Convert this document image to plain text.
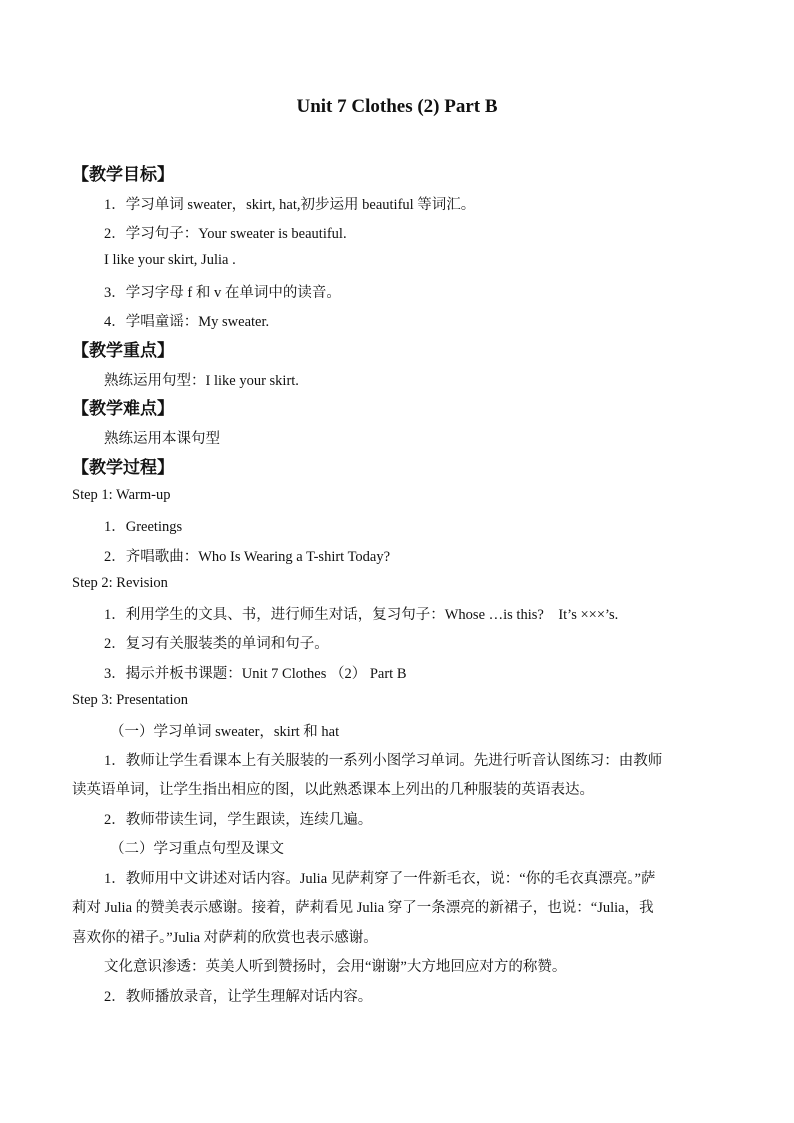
Unit 7 Clothes (2) Part B
【教学目标】
1．学习单词 sweater，skirt, hat,初步运用 beautiful 等词汇。
2．学习句子：Your sweater is beautiful.
I like your skirt, Julia .
3．学习字母 f 和 v 在单词中的读音。
4．学唱童谣：My sweater.
【教学重点】
熟练运用句型：I like your skirt.
【教学难点】
熟练运用本课句型
【教学过程】
Step 1: Warm-up
1．Greetings
2．齐唱歌曲：Who Is Wearing a T-shirt Today?
Step 2: Revision
1．利用学生的文具、书，进行师生对话，复习句子：Whose …is this?　It’s ×××’s.
2．复习有关服装类的单词和句子。
3．揭示并板书课题：Unit 7 Clothes （2） Part B
Step 3: Presentation
（一）学习单词 sweater，skirt 和 hat
1．教师让学生看课本上有关服装的一系列小图学习单词。先进行听音认图练习：由教师
读英语单词，让学生指出相应的图，以此熟悉课本上列出的几种服装的英语表达。
2．教师带读生词，学生跟读，连续几遍。
（二）学习重点句型及课文
1．教师用中文讲述对话内容。Julia 见萨莉穿了一件新毛衣，说：“你的毛衣真漂亮。”萨
莉对 Julia 的赞美表示感谢。接着，萨莉看见 Julia 穿了一条漂亮的新裙子，也说：“Julia，我
喜欢你的裙子。”Julia 对萨莉的欣赏也表示感谢。
文化意识渗透：英美人听到赞扬时，会用“谢谢”大方地回应对方的称赞。
2．教师播放录音，让学生理解对话内容。
